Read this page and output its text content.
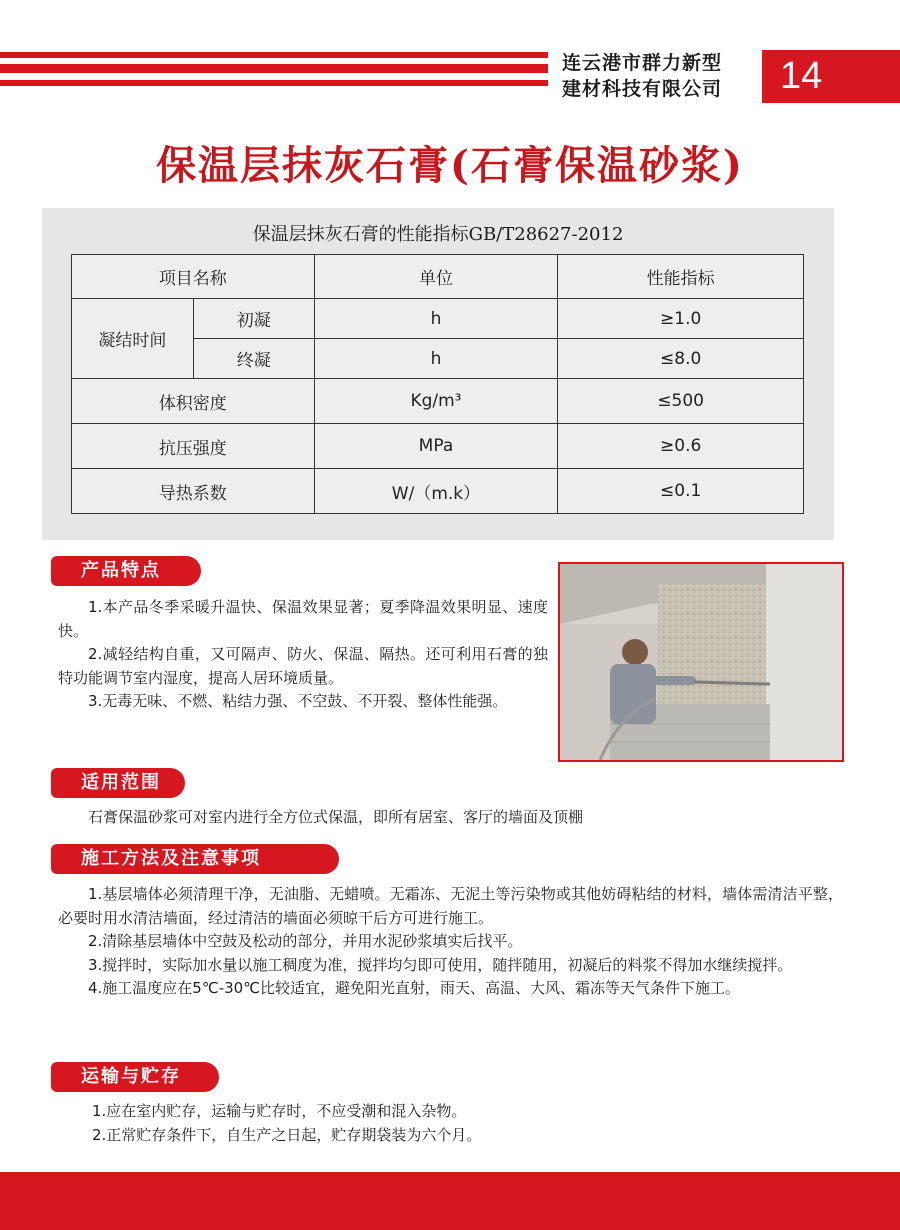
连云港市群力新型
建材科技有限公司	14
保温层抹灰石膏(石膏保温砂浆)
保温层抹灰石膏的性能指标GB/T28627-2012
项目名称		单位	性能指标
凝结时间	初凝	h	≥1.0
	终凝	h	≤8.0
体积密度		Kg/m³	≤500
抗压强度		MPa	≥0.6
导热系数		W/（m.k）	≤0.1
产品特点

1.本产品冬季采暖升温快、保温效果显著；夏季降温效果明显、速度快。

2.减轻结构自重，又可隔声、防火、保温、隔热。还可利用石膏的独特功能调节室内湿度，提高人居环境质量。

3.无毒无味、不燃、粘结力强、不空鼓、不开裂、整体性能强。

适用范围

石膏保温砂浆可对室内进行全方位式保温，即所有居室、客厅的墙面及顶棚

施工方法及注意事项

1.基层墙体必须清理干净，无油脂、无蜡喷。无霜冻、无泥土等污染物或其他妨碍粘结的材料，墙体需清洁平整，必要时用水清洁墙面，经过清洁的墙面必须晾干后方可进行施工。

2.清除基层墙体中空鼓及松动的部分，并用水泥砂浆填实后找平。

3.搅拌时，实际加水量以施工稠度为准，搅拌均匀即可使用，随拌随用，初凝后的料浆不得加水继续搅拌。

4.施工温度应在5℃-30℃比较适宜，避免阳光直射，雨天、高温、大风、霜冻等天气条件下施工。

运输与贮存

1.应在室内贮存，运输与贮存时，不应受潮和混入杂物。

2.正常贮存条件下，自生产之日起，贮存期袋装为六个月。
